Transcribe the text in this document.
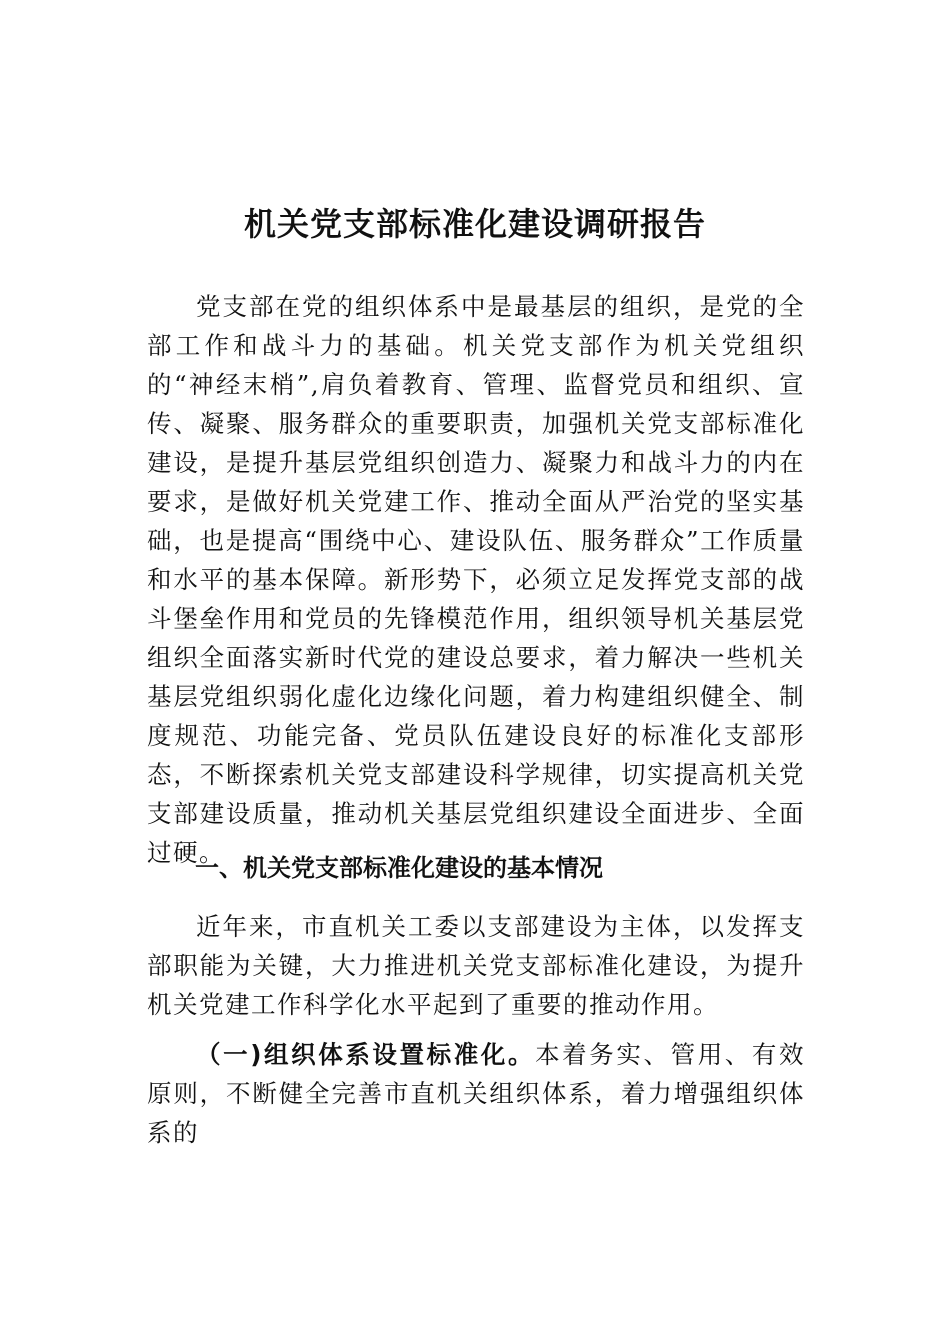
机关党支部标准化建设调研报告

党支部在党的组织体系中是最基层的组织，是党的全部工作和战斗力的基础。机关党支部作为机关党组织的“神经末梢”,肩负着教育、管理、监督党员和组织、宣传、凝聚、服务群众的重要职责，加强机关党支部标准化建设，是提升基层党组织创造力、凝聚力和战斗力的内在要求，是做好机关党建工作、推动全面从严治党的坚实基础，也是提高“围绕中心、建设队伍、服务群众”工作质量和水平的基本保障。新形势下，必须立足发挥党支部的战斗堡垒作用和党员的先锋模范作用，组织领导机关基层党组织全面落实新时代党的建设总要求，着力解决一些机关基层党组织弱化虚化边缘化问题，着力构建组织健全、制度规范、功能完备、党员队伍建设良好的标准化支部形态，不断探索机关党支部建设科学规律，切实提高机关党支部建设质量，推动机关基层党组织建设全面进步、全面过硬。

一、机关党支部标准化建设的基本情况

近年来，市直机关工委以支部建设为主体，以发挥支部职能为关键，大力推进机关党支部标准化建设，为提升机关党建工作科学化水平起到了重要的推动作用。

（一)组织体系设置标准化。本着务实、管用、有效原则，不断健全完善市直机关组织体系，着力增强组织体系的
